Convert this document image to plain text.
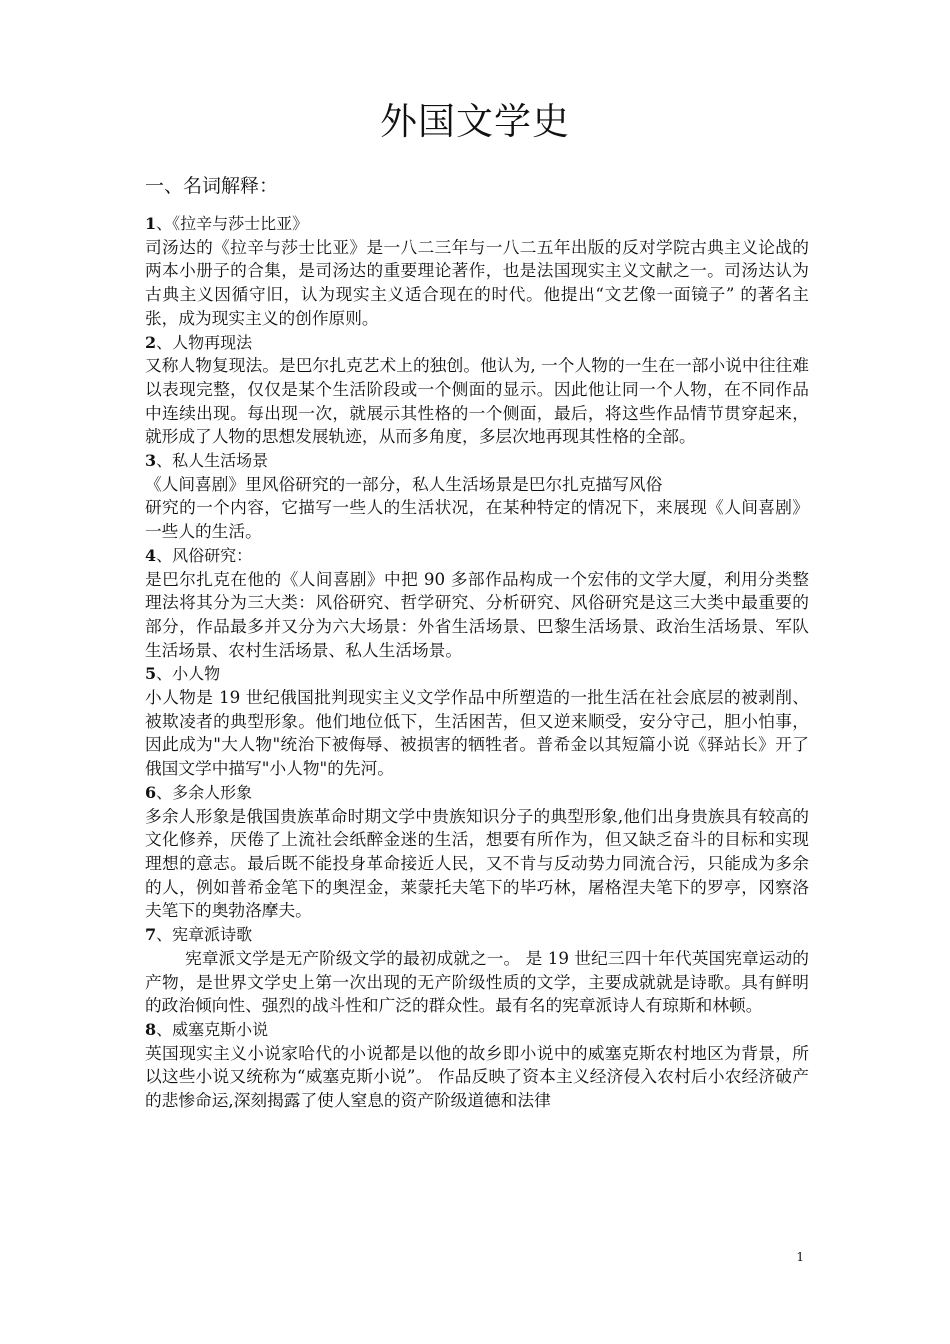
外国文学史
一、名词解释：

1、《拉辛与莎士比亚》

司汤达的《拉辛与莎士比亚》是一八二三年与一八二五年出版的反对学院古典主义论战的两本小册子的合集，是司汤达的重要理论著作，也是法国现实主义文献之一。司汤达认为古典主义因循守旧，认为现实主义适合现在的时代。他提出“文艺像一面镜子” 的著名主张，成为现实主义的创作原则。

2、人物再现法

又称人物复现法。是巴尔扎克艺术上的独创。他认为, 一个人物的一生在一部小说中往往难以表现完整，仅仅是某个生活阶段或一个侧面的显示。因此他让同一个人物，在不同作品中连续出现。每出现一次，就展示其性格的一个侧面，最后，将这些作品情节贯穿起来，就形成了人物的思想发展轨迹，从而多角度，多层次地再现其性格的全部。

3、私人生活场景

《人间喜剧》里风俗研究的一部分，私人生活场景是巴尔扎克描写风俗

研究的一个内容，它描写一些人的生活状况，在某种特定的情况下，来展现《人间喜剧》一些人的生活。

4、风俗研究：

是巴尔扎克在他的《人间喜剧》中把 90 多部作品构成一个宏伟的文学大厦，利用分类整理法将其分为三大类：风俗研究、哲学研究、分析研究、风俗研究是这三大类中最重要的部分，作品最多并又分为六大场景：外省生活场景、巴黎生活场景、政治生活场景、军队生活场景、农村生活场景、私人生活场景。

5、小人物

小人物是 19 世纪俄国批判现实主义文学作品中所塑造的一批生活在社会底层的被剥削、被欺凌者的典型形象。他们地位低下，生活困苦，但又逆来顺受，安分守己，胆小怕事，因此成为"大人物"统治下被侮辱、被损害的牺牲者。普希金以其短篇小说《驿站长》开了俄国文学中描写"小人物"的先河。

6、多余人形象

多余人形象是俄国贵族革命时期文学中贵族知识分子的典型形象,他们出身贵族具有较高的文化修养，厌倦了上流社会纸醉金迷的生活，想要有所作为，但又缺乏奋斗的目标和实现理想的意志。最后既不能投身革命接近人民，又不肯与反动势力同流合污，只能成为多余的人，例如普希金笔下的奥涅金，莱蒙托夫笔下的毕巧林，屠格涅夫笔下的罗亭，冈察洛夫笔下的奥勃洛摩夫。

7、宪章派诗歌

宪章派文学是无产阶级文学的最初成就之一。 是 19 世纪三四十年代英国宪章运动的产物，是世界文学史上第一次出现的无产阶级性质的文学，主要成就就是诗歌。具有鲜明的政治倾向性、强烈的战斗性和广泛的群众性。最有名的宪章派诗人有琼斯和林顿。

8、威塞克斯小说

英国现实主义小说家哈代的小说都是以他的故乡即小说中的威塞克斯农村地区为背景，所以这些小说又统称为“威塞克斯小说”。 作品反映了资本主义经济侵入农村后小农经济破产的悲惨命运,深刻揭露了使人窒息的资产阶级道德和法律

1
